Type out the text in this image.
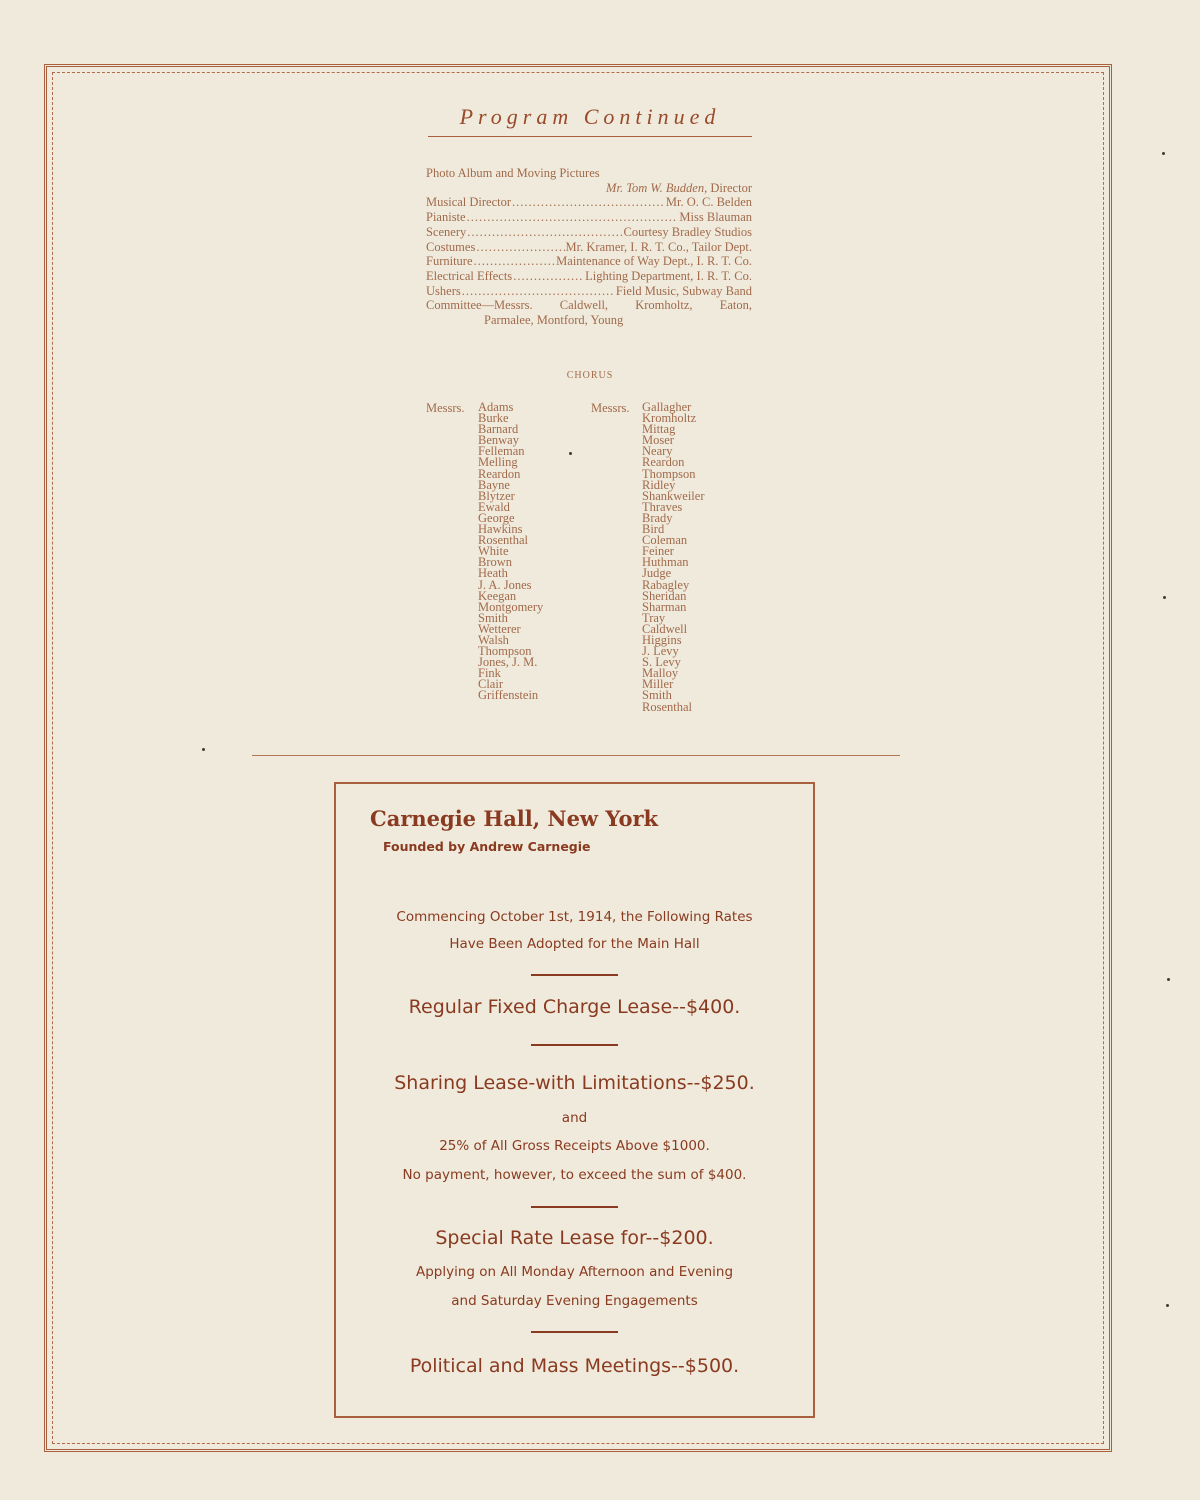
Program Continued
Photo Album and Moving Pictures
Mr. Tom W. Budden, Director
Musical Director .....	Mr. O. C. Belden
Pianiste .....	Miss Blauman
Scenery .....	Courtesy Bradley Studios
Costumes .....	Mr. Kramer, I. R. T. Co., Tailor Dept.
Furniture .....	Maintenance of Way Dept., I. R. T. Co.
Electrical Effects .....	Lighting Department, I. R. T. Co.
Ushers .....	Field Music, Subway Band
Committee—Messrs. Caldwell, Kromholtz, Eaton,
Parmalee, Montford, Young
CHORUS
Messrs. Adams
Burke
Barnard
Benway
Felleman
Melling
Reardon
Bayne
Blytzer
Ewald
George
Hawkins
Rosenthal
White
Brown
Heath
J. A. Jones
Keegan
Montgomery
Smith
Wetterer
Walsh
Thompson
Jones, J. M.
Fink
Clair
Griffenstein
Messrs. Gallagher
Kromholtz
Mittag
Moser
Neary
Reardon
Thompson
Ridley
Shankweiler
Thraves
Brady
Bird
Coleman
Feiner
Huthman
Judge
Rabagley
Sheridan
Sharman
Tray
Caldwell
Higgins
J. Levy
S. Levy
Malloy
Miller
Smith
Rosenthal
Carnegie Hall, New York
Founded by Andrew Carnegie
Commencing October 1st, 1914, the Following Rates
Have Been Adopted for the Main Hall
Regular Fixed Charge Lease--$400.
Sharing Lease-with Limitations--$250.
and
25% of All Gross Receipts Above $1000.
No payment, however, to exceed the sum of $400.
Special Rate Lease for--$200.
Applying on All Monday Afternoon and Evening
and Saturday Evening Engagements
Political and Mass Meetings--$500.
